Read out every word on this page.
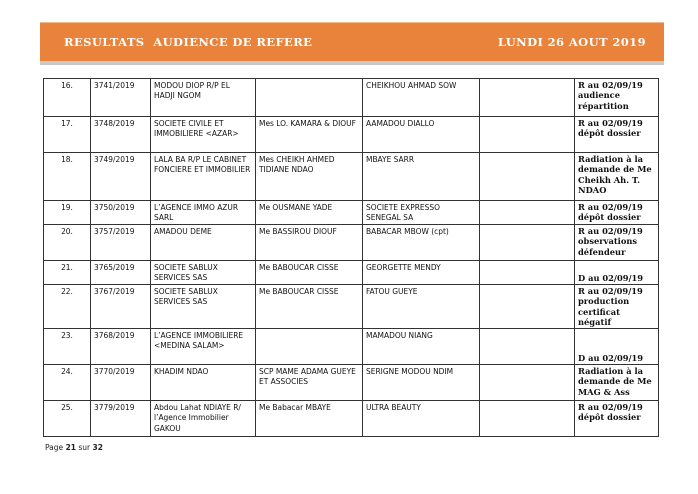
RESULTATS  AUDIENCE DE REFERE	LUNDI 26 AOUT 2019
16.	3741/2019	MODOU DIOP R/P EL HADJI NGOM		CHEIKHOU AHMAD SOW		R au 02/09/19 audience répartition
17.	3748/2019	SOCIETE CIVILE ET IMMOBILIERE <AZAR>	Mes LO. KAMARA & DIOUF	AAMADOU DIALLO		R au 02/09/19 dépôt dossier
18.	3749/2019	LALA BA R/P LE CABINET FONCIERE ET IMMOBILIER	Mes CHEIKH AHMED TIDIANE NDAO	MBAYE SARR		Radiation à la demande de Me Cheikh Ah. T. NDAO
19.	3750/2019	L’AGENCE IMMO AZUR SARL	Me OUSMANE YADE	SOCIETE EXPRESSO SENEGAL SA		R au 02/09/19 dépôt dossier
20.	3757/2019	AMADOU DEME	Me BASSIROU DIOUF	BABACAR MBOW (cpt)		R au 02/09/19 observations défendeur
21.	3765/2019	SOCIETE SABLUX SERVICES SAS	Me BABOUCAR CISSE	GEORGETTE MENDY		D au 02/09/19
22.	3767/2019	SOCIETE SABLUX SERVICES SAS	Me BABOUCAR CISSE	FATOU GUEYE		R au 02/09/19 production certificat négatif
23.	3768/2019	L’AGENCE IMMOBILIERE <MEDINA SALAM>		MAMADOU NIANG		D au 02/09/19
24.	3770/2019	KHADIM NDAO	SCP MAME ADAMA GUEYE ET ASSOCIES	SERIGNE MODOU NDIM		Radiation à la demande de Me MAG & Ass
25.	3779/2019	Abdou Lahat NDIAYE R/ l’Agence Immobilier GAKOU	Me Babacar MBAYE	ULTRA BEAUTY		R au 02/09/19 dépôt dossier
Page 21 sur 32
